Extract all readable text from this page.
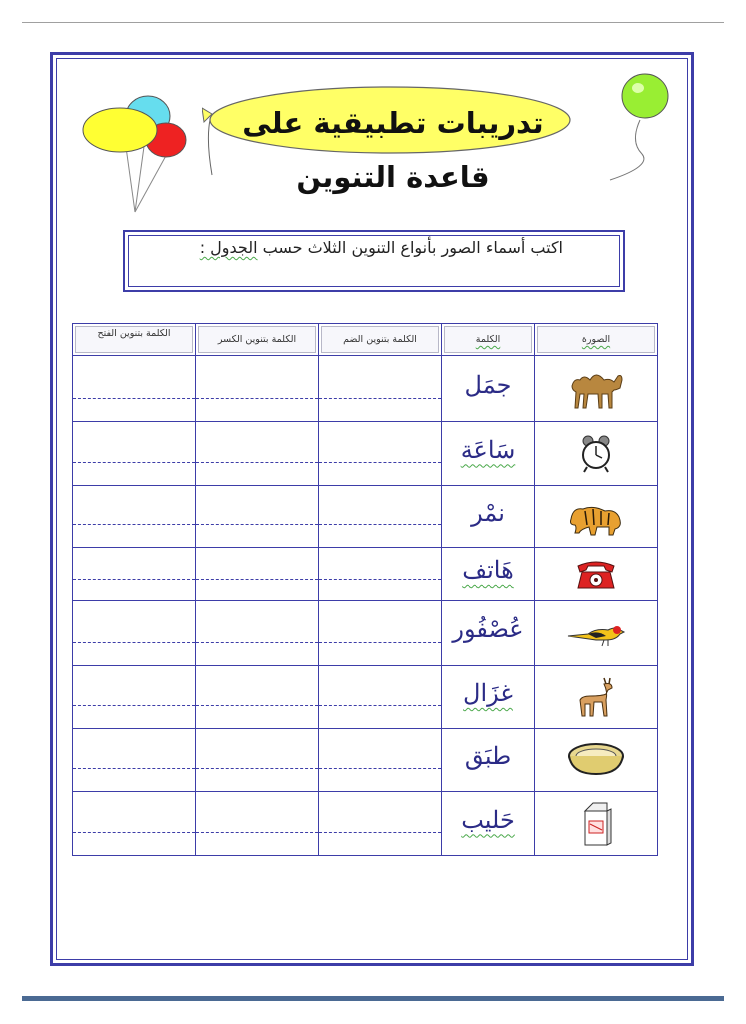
تدريبات تطبيقية على قاعدة التنوين
اكتب أسماء الصور بأنواع التنوين الثلاث حسب الجدول :
الكلمة بتنوين الفتح	الكلمة بتنوين الكسر	الكلمة بتنوين الضم	الكلمة	الصورة

	جمَل	

	سَاعَة	

	نمْر	

	هَاتف	

	عُصْفُور	

	غزَال	

	طبَق	

	حَليب	
